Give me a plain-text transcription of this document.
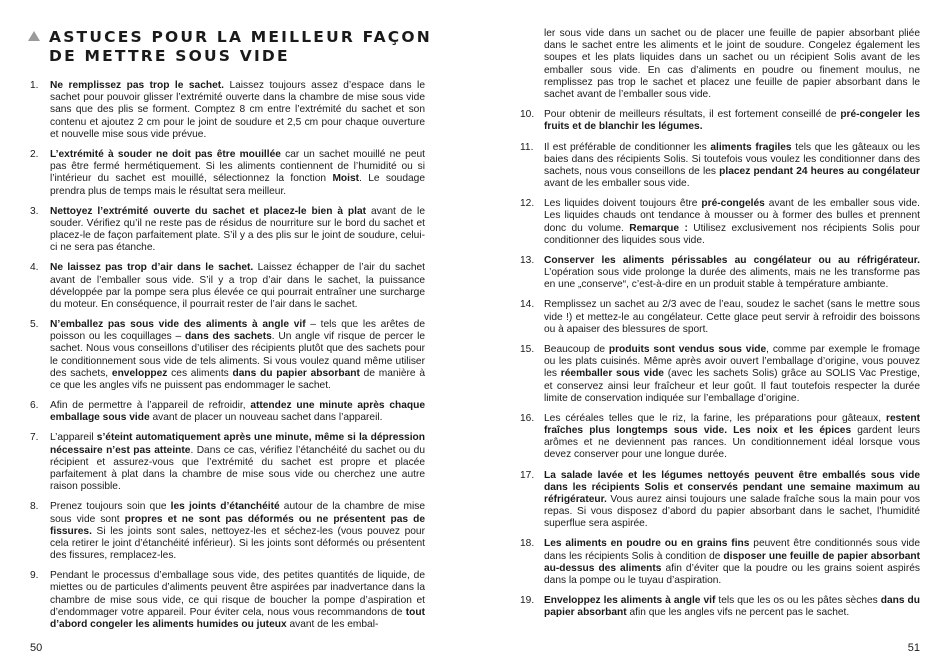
ASTUCES POUR LA MEILLEUR FAÇON
DE METTRE SOUS VIDE
1. Ne remplissez pas trop le sachet. Laissez toujours assez d’espace dans le sachet pour pouvoir glisser l’extrémité ouverte dans la chambre de mise sous vide sans que des plis se forment. Comptez 8 cm entre l’extrémité du sachet et son contenu et ajoutez 2 cm pour le joint de soudure et 2,5 cm pour chaque ouverture et nouvelle mise sous vide prévue.
2. L’extrémité à souder ne doit pas être mouillée car un sachet mouillé ne peut pas être fermé hermétiquement. Si les aliments contiennent de l’humidité ou si l’intérieur du sachet est mouillé, sélectionnez la fonction Moist. Le soudage prendra plus de temps mais le résultat sera meilleur.
3. Nettoyez l’extrémité ouverte du sachet et placez-le bien à plat avant de le souder. Vérifiez qu’il ne reste pas de résidus de nourriture sur le bord du sachet et placez-le de façon parfaitement plate. S’il y a des plis sur le joint de soudure, celui-ci ne sera pas étanche.
4. Ne laissez pas trop d’air dans le sachet. Laissez échapper de l’air du sachet avant de l’emballer sous vide. S’il y a trop d’air dans le sachet, la puissance développée par la pompe sera plus élevée ce qui pourrait entraîner une surcharge du moteur. En conséquence, il pourrait rester de l’air dans le sachet.
5. N’emballez pas sous vide des aliments à angle vif – tels que les arêtes de poisson ou les coquillages – dans des sachets. Un angle vif risque de percer le sachet. Nous vous conseillons d’utiliser des récipients plutôt que des sachets pour le conditionnement sous vide de tels aliments. Si vous voulez quand même utiliser des sachets, enveloppez ces aliments dans du papier absorbant de manière à ce que les angles vifs ne puissent pas endommager le sachet.
6. Afin de permettre à l’appareil de refroidir, attendez une minute après chaque emballage sous vide avant de placer un nouveau sachet dans l’appareil.
7. L’appareil s’éteint automatiquement après une minute, même si la dépression nécessaire n’est pas atteinte. Dans ce cas, vérifiez l’étanchéité du sachet ou du récipient et assurez-vous que l’extrémité du sachet est propre et placée parfaitement à plat dans la chambre de mise sous vide ou cherchez une autre raison possible.
8. Prenez toujours soin que les joints d’étanchéité autour de la chambre de mise sous vide sont propres et ne sont pas déformés ou ne présentent pas de fissures. Si les joints sont sales, nettoyez-les et séchez-les (vous pouvez pour cela retirer le joint d’étanchéité inférieur). Si les joints sont déformés ou présentent des fissures, remplacez-les.
9. Pendant le processus d’emballage sous vide, des petites quantités de liquide, de miettes ou de particules d’aliments peuvent être aspirées par inadvertance dans la chambre de mise sous vide, ce qui risque de boucher la pompe d’aspiration et d’endommager votre appareil. Pour éviter cela, nous vous recommandons de tout d’abord congeler les aliments humides ou juteux avant de les embal-
50
ler sous vide dans un sachet ou de placer une feuille de papier absorbant pliée dans le sachet entre les aliments et le joint de soudure. Congelez également les soupes et les plats liquides dans un sachet ou un récipient Solis avant de les emballer sous vide. En cas d’aliments en poudre ou finement moulus, ne remplissez pas trop le sachet et placez une feuille de papier absorbant dans le sachet avant de l’emballer sous vide.
10. Pour obtenir de meilleurs résultats, il est fortement conseillé de pré-congeler les fruits et de blanchir les légumes.
11. Il est préférable de conditionner les aliments fragiles tels que les gâteaux ou les baies dans des récipients Solis. Si toutefois vous voulez les conditionner dans des sachets, nous vous conseillons de les placez pendant 24 heures au congélateur avant de les emballer sous vide.
12. Les liquides doivent toujours être pré-congelés avant de les emballer sous vide. Les liquides chauds ont tendance à mousser ou à former des bulles et prennent donc du volume. Remarque : Utilisez exclusivement nos récipients Solis pour conditionner des liquides sous vide.
13. Conserver les aliments périssables au congélateur ou au réfrigérateur. L’opération sous vide prolonge la durée des aliments, mais ne les transforme pas en une „conserve“, c’est-à-dire en un produit stable à température ambiante.
14. Remplissez un sachet au 2/3 avec de l’eau, soudez le sachet (sans le mettre sous vide !) et mettez-le au congélateur. Cette glace peut servir à refroidir des boissons ou à apaiser des blessures de sport.
15. Beaucoup de produits sont vendus sous vide, comme par exemple le fromage ou les plats cuisinés. Même après avoir ouvert l’emballage d’origine, vous pouvez les réemballer sous vide (avec les sachets Solis) grâce au SOLIS Vac Prestige, et conservez ainsi leur fraîcheur et leur goût. Il faut toutefois respecter la durée limite de conservation indiquée sur l’emballage d’origine.
16. Les céréales telles que le riz, la farine, les préparations pour gâteaux, restent fraîches plus longtemps sous vide. Les noix et les épices gardent leurs arômes et ne deviennent pas rances. Un conditionnement idéal lorsque vous devez conserver pour une longue durée.
17. La salade lavée et les légumes nettoyés peuvent être emballés sous vide dans les récipients Solis et conservés pendant une semaine maximum au réfrigérateur. Vous aurez ainsi toujours une salade fraîche sous la main pour vos repas. Si vous disposez d’abord du papier absorbant dans le sachet, l’humidité superflue sera aspirée.
18. Les aliments en poudre ou en grains fins peuvent être conditionnés sous vide dans les récipients Solis à condition de disposer une feuille de papier absorbant au-dessus des aliments afin d’éviter que la poudre ou les grains soient aspirés dans la pompe ou le tuyau d’aspiration.
19. Enveloppez les aliments à angle vif tels que les os ou les pâtes sèches dans du papier absorbant afin que les angles vifs ne percent pas le sachet.
51
